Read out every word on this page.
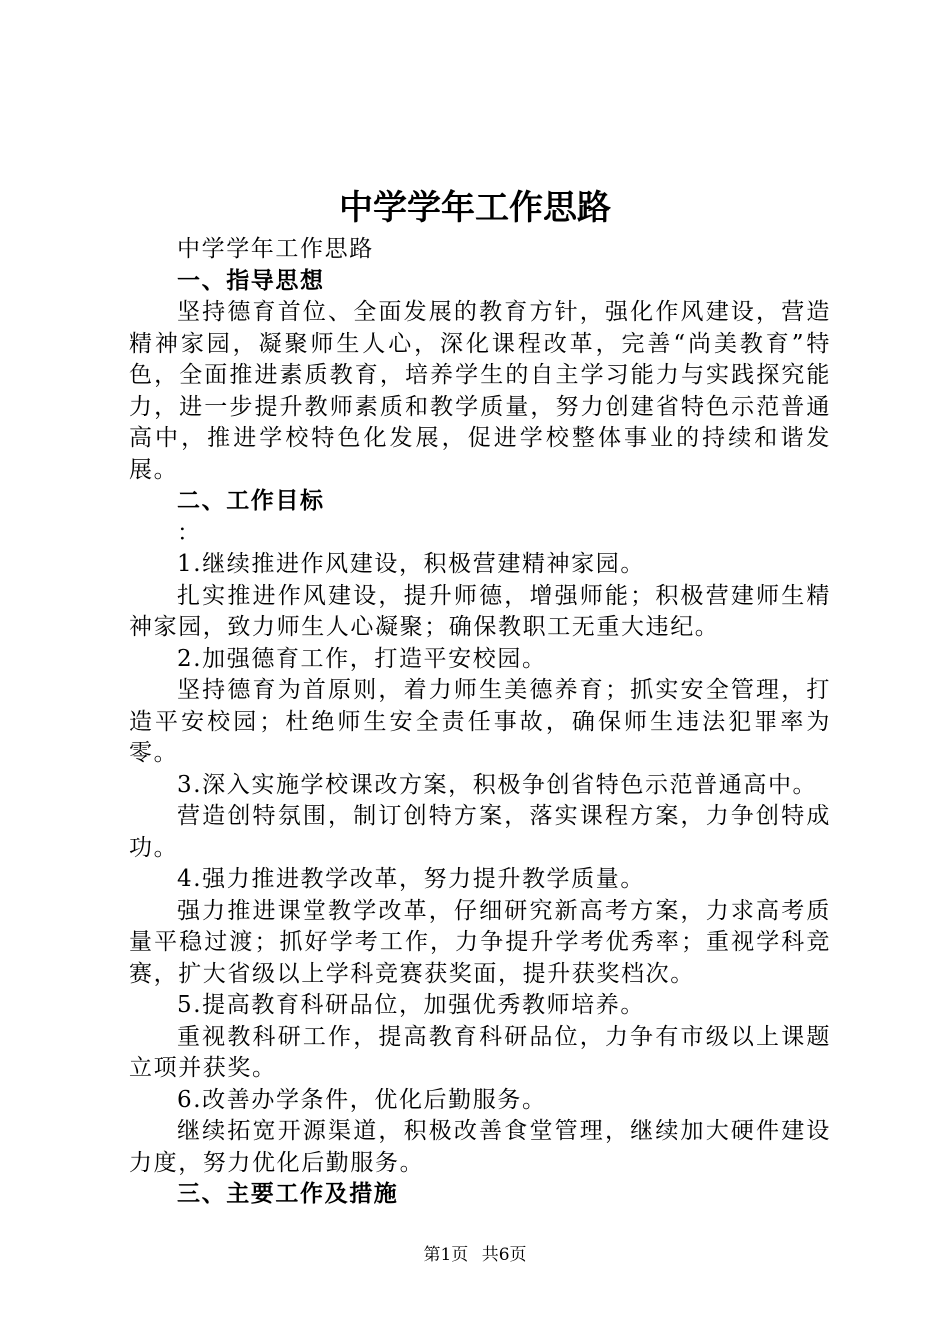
中学学年工作思路

中学学年工作思路

一、指导思想

坚持德育首位、全面发展的教育方针，强化作风建设，营造精神家园，凝聚师生人心，深化课程改革，完善“尚美教育”特色，全面推进素质教育，培养学生的自主学习能力与实践探究能力，进一步提升教师素质和教学质量，努力创建省特色示范普通高中，推进学校特色化发展，促进学校整体事业的持续和谐发展。

二、工作目标

：

1.继续推进作风建设，积极营建精神家园。

扎实推进作风建设，提升师德，增强师能；积极营建师生精神家园，致力师生人心凝聚；确保教职工无重大违纪。

2.加强德育工作，打造平安校园。

坚持德育为首原则，着力师生美德养育；抓实安全管理，打造平安校园；杜绝师生安全责任事故，确保师生违法犯罪率为零。

3.深入实施学校课改方案，积极争创省特色示范普通高中。

营造创特氛围，制订创特方案，落实课程方案，力争创特成功。

4.强力推进教学改革，努力提升教学质量。

强力推进课堂教学改革，仔细研究新高考方案，力求高考质量平稳过渡；抓好学考工作，力争提升学考优秀率；重视学科竞赛，扩大省级以上学科竞赛获奖面，提升获奖档次。

5.提高教育科研品位，加强优秀教师培养。

重视教科研工作，提高教育科研品位，力争有市级以上课题立项并获奖。

6.改善办学条件，优化后勤服务。

继续拓宽开源渠道，积极改善食堂管理，继续加大硬件建设力度，努力优化后勤服务。

三、主要工作及措施

第1页 共6页
